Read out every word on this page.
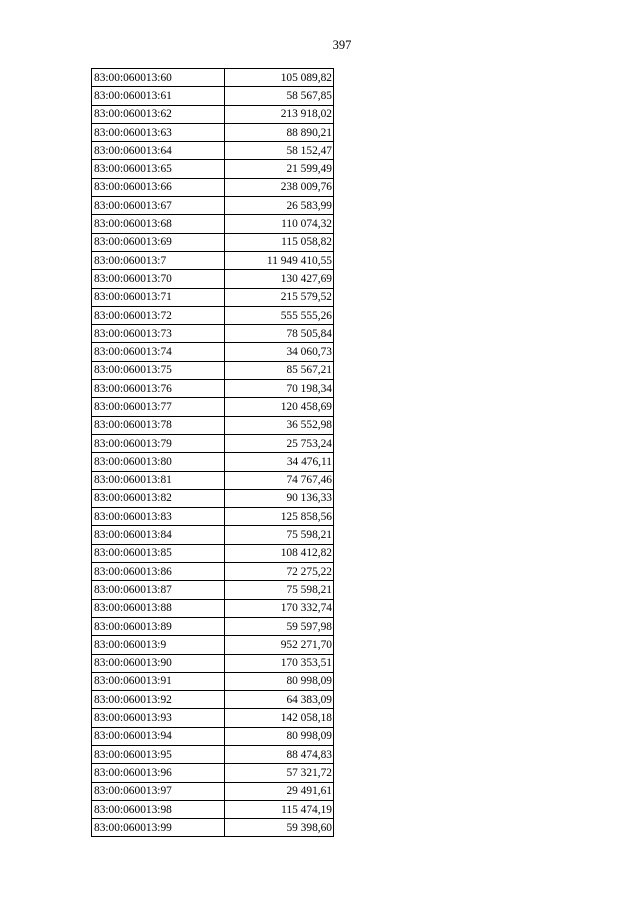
397
83:00:060013:60	105 089,82
83:00:060013:61	58 567,85
83:00:060013:62	213 918,02
83:00:060013:63	88 890,21
83:00:060013:64	58 152,47
83:00:060013:65	21 599,49
83:00:060013:66	238 009,76
83:00:060013:67	26 583,99
83:00:060013:68	110 074,32
83:00:060013:69	115 058,82
83:00:060013:7	11 949 410,55
83:00:060013:70	130 427,69
83:00:060013:71	215 579,52
83:00:060013:72	555 555,26
83:00:060013:73	78 505,84
83:00:060013:74	34 060,73
83:00:060013:75	85 567,21
83:00:060013:76	70 198,34
83:00:060013:77	120 458,69
83:00:060013:78	36 552,98
83:00:060013:79	25 753,24
83:00:060013:80	34 476,11
83:00:060013:81	74 767,46
83:00:060013:82	90 136,33
83:00:060013:83	125 858,56
83:00:060013:84	75 598,21
83:00:060013:85	108 412,82
83:00:060013:86	72 275,22
83:00:060013:87	75 598,21
83:00:060013:88	170 332,74
83:00:060013:89	59 597,98
83:00:060013:9	952 271,70
83:00:060013:90	170 353,51
83:00:060013:91	80 998,09
83:00:060013:92	64 383,09
83:00:060013:93	142 058,18
83:00:060013:94	80 998,09
83:00:060013:95	88 474,83
83:00:060013:96	57 321,72
83:00:060013:97	29 491,61
83:00:060013:98	115 474,19
83:00:060013:99	59 398,60
